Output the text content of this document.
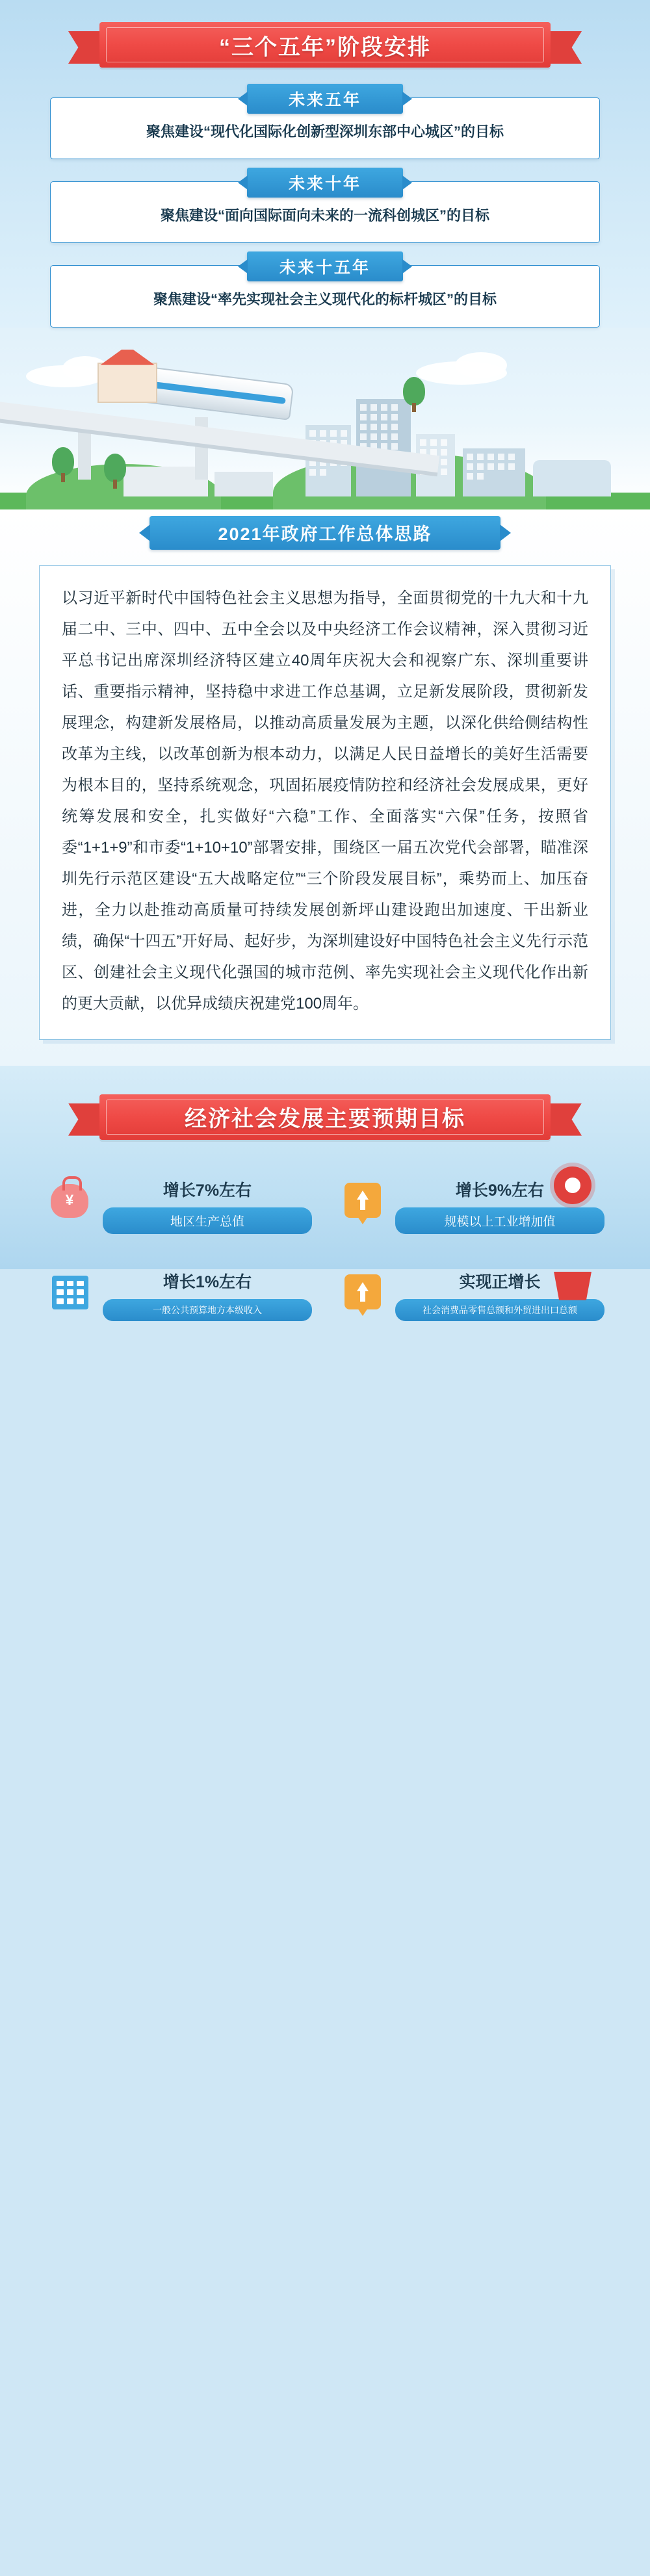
“三个五年”阶段安排
未来五年
聚焦建设“现代化国际化创新型深圳东部中心城区”的目标
未来十年
聚焦建设“面向国际面向未来的一流科创城区”的目标
未来十五年
聚焦建设“率先实现社会主义现代化的标杆城区”的目标
2021年政府工作总体思路

以习近平新时代中国特色社会主义思想为指导，全面贯彻党的十九大和十九届二中、三中、四中、五中全会以及中央经济工作会议精神，深入贯彻习近平总书记出席深圳经济特区建立40周年庆祝大会和视察广东、深圳重要讲话、重要指示精神，坚持稳中求进工作总基调，立足新发展阶段，贯彻新发展理念，构建新发展格局，以推动高质量发展为主题，以深化供给侧结构性改革为主线，以改革创新为根本动力，以满足人民日益增长的美好生活需要为根本目的，坚持系统观念，巩固拓展疫情防控和经济社会发展成果，更好统筹发展和安全，扎实做好“六稳”工作、全面落实“六保”任务，按照省委“1+1+9”和市委“1+10+10”部署安排，围绕区一届五次党代会部署，瞄准深圳先行示范区建设“五大战略定位”“三个阶段发展目标”，乘势而上、加压奋进，全力以赴推动高质量可持续发展创新坪山建设跑出加速度、干出新业绩，确保“十四五”开好局、起好步，为深圳建设好中国特色社会主义先行示范区、创建社会主义现代化强国的城市范例、率先实现社会主义现代化作出新的更大贡献，以优异成绩庆祝建党100周年。

经济社会发展主要预期目标
¥
增长7%左右
地区生产总值
增长9%左右
规模以上工业增加值
增长1%左右
一般公共预算地方本级收入
实现正增长
社会消费品零售总额和外贸进出口总额
